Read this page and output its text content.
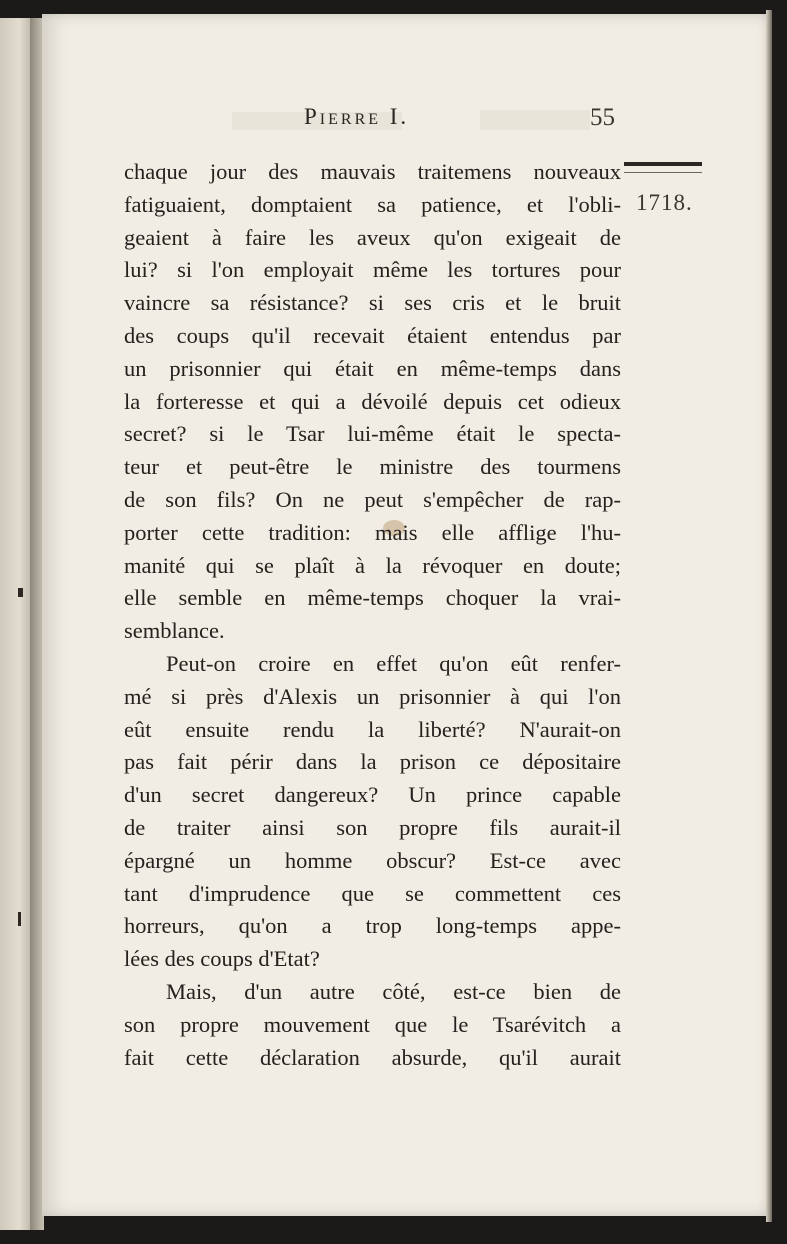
Pierre I.	55
1718.
chaque jour des mauvais traitemens nouveaux
fatiguaient, domptaient sa patience, et l'obli-
geaient à faire les aveux qu'on exigeait de
lui? si l'on employait même les tortures pour
vaincre sa résistance? si ses cris et le bruit
des coups qu'il recevait étaient entendus par
un prisonnier qui était en même-temps dans
la forteresse et qui a dévoilé depuis cet odieux
secret? si le Tsar lui-même était le specta-
teur et peut-être le ministre des tourmens
de son fils? On ne peut s'empêcher de rap-
porter cette tradition: mais elle afflige l'hu-
manité qui se plaît à la révoquer en doute;
elle semble en même-temps choquer la vrai-
semblance.
Peut-on croire en effet qu'on eût renfer-
mé si près d'Alexis un prisonnier à qui l'on
eût ensuite rendu la liberté? N'aurait-on
pas fait périr dans la prison ce dépositaire
d'un secret dangereux? Un prince capable
de traiter ainsi son propre fils aurait-il
épargné un homme obscur? Est-ce avec
tant d'imprudence que se commettent ces
horreurs, qu'on a trop long-temps appe-
lées des coups d'Etat?
Mais, d'un autre côté, est-ce bien de
son propre mouvement que le Tsarévitch a
fait cette déclaration absurde, qu'il aurait
